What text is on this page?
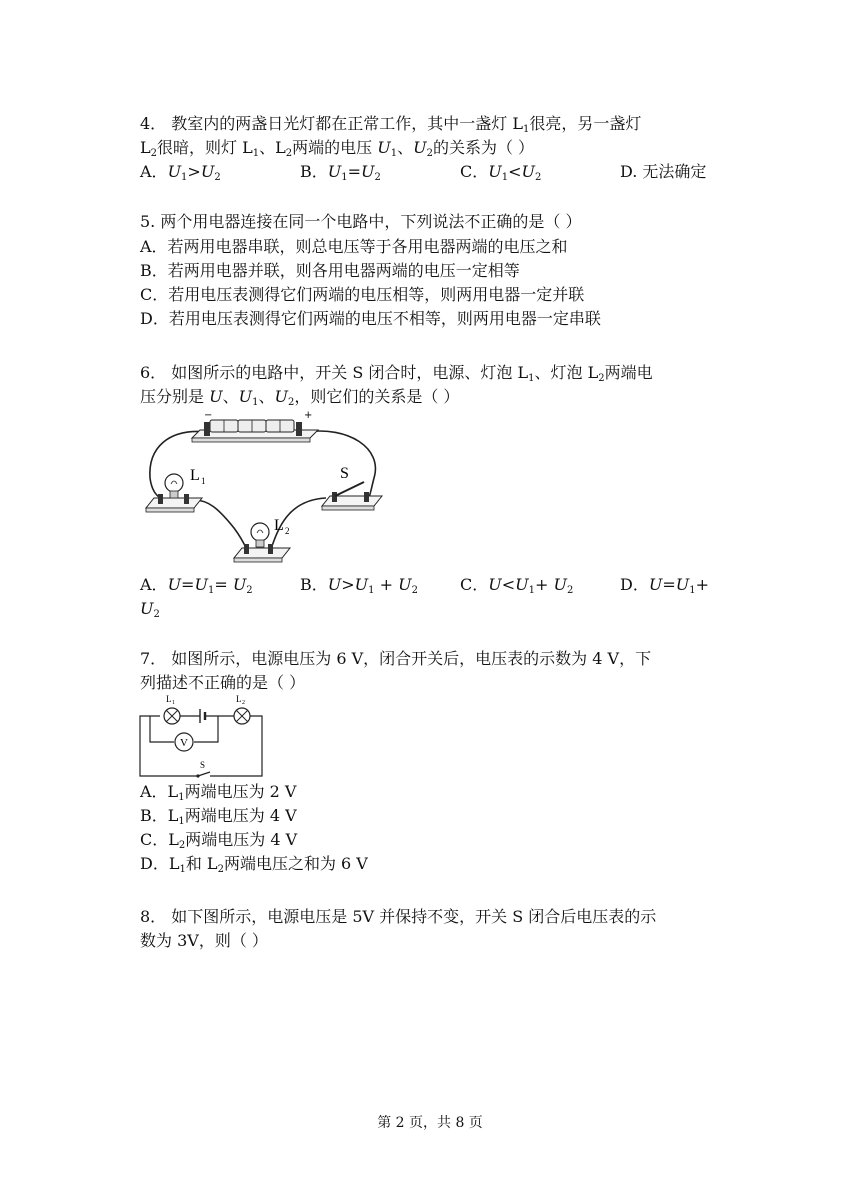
4． 教室内的两盏日光灯都在正常工作，其中一盏灯 $L_1$很亮，另一盏灯
$L_2$很暗，则灯 $L_1$、$L_2$两端的电压 $U_1$、$U_2$的关系为（ ）
A．$U_1>U_2$	B．$U_1=U_2$	C．$U_1<U_2$	D. 无法确定
5. 两个用电器连接在同一个电路中，下列说法不正确的是（ ）
A．若两用电器串联，则总电压等于各用电器两端的电压之和
B．若两用电器并联，则各用电器两端的电压一定相等
C．若用电压表测得它们两端的电压相等，则两用电器一定并联
D．若用电压表测得它们两端的电压不相等，则两用电器一定串联
6． 如图所示的电路中，开关 S 闭合时，电源、灯泡 $L_1$、灯泡 $L_2$两端电
压分别是 U、$U_1$、$U_2$，则它们的关系是（ ）
−	+
L 1
L 2
S
A．$U=U_1= U_2$	B．$U>U_1 + U_2$	C．$U<U_1+ U_2$	D．$U=U_1+$
$U_2$
7． 如图所示，电源电压为 6 V，闭合开关后，电压表的示数为 4 V，下
列描述不正确的是（ ）
S
L 1	L 2
V
A．$L_1$两端电压为 2 V
B．$L_1$两端电压为 4 V
C．$L_2$两端电压为 4 V
D．$L_1$和 $L_2$两端电压之和为 6 V
8． 如下图所示，电源电压是 5V 并保持不变，开关 S 闭合后电压表的示
数为 3V，则（ ）
第 2 页，共 8 页
